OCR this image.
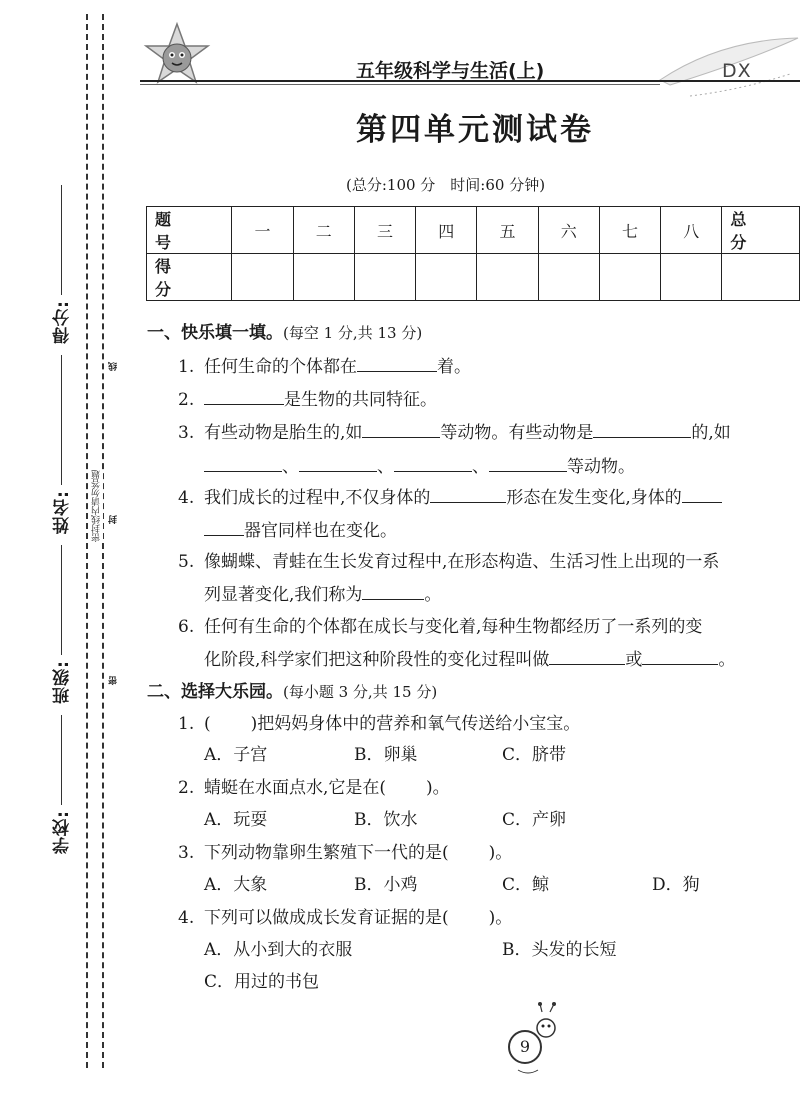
得分:
姓名:
班级:
学校:
密封线内请勿答题
线
封
密
五年级科学与生活(上)	DX
第四单元测试卷
(总分:100 分　时间:60 分钟)
题 号	一	二	三	四	五	六	七	八	总 分
得 分									
一、快乐填一填。(每空 1 分,共 13 分)
1. 任何生命的个体都在	着。
2.	是生物的共同特征。
3. 有些动物是胎生的,如	等动物。有些动物是	的,如
、	、	、	等动物。
4. 我们成长的过程中,不仅身体的	形态在发生变化,身体的
器官同样也在变化。
5. 像蝴蝶、青蛙在生长发育过程中,在形态构造、生活习性上出现的一系
列显著变化,我们称为	。
6. 任何有生命的个体都在成长与变化着,每种生物都经历了一系列的变
化阶段,科学家们把这种阶段性的变化过程叫做	或	。
二、选择大乐园。(每小题 3 分,共 15 分)
1. ( )把妈妈身体中的营养和氧气传送给小宝宝。
A．子宫	B．卵巢	C．脐带
2. 蜻蜓在水面点水,它是在( )。
A．玩耍	B．饮水	C．产卵
3. 下列动物靠卵生繁殖下一代的是( )。
A．大象	B．小鸡	C．鲸	D．狗
4. 下列可以做成成长发育证据的是( )。
A．从小到大的衣服	B．头发的长短
C．用过的书包
9
